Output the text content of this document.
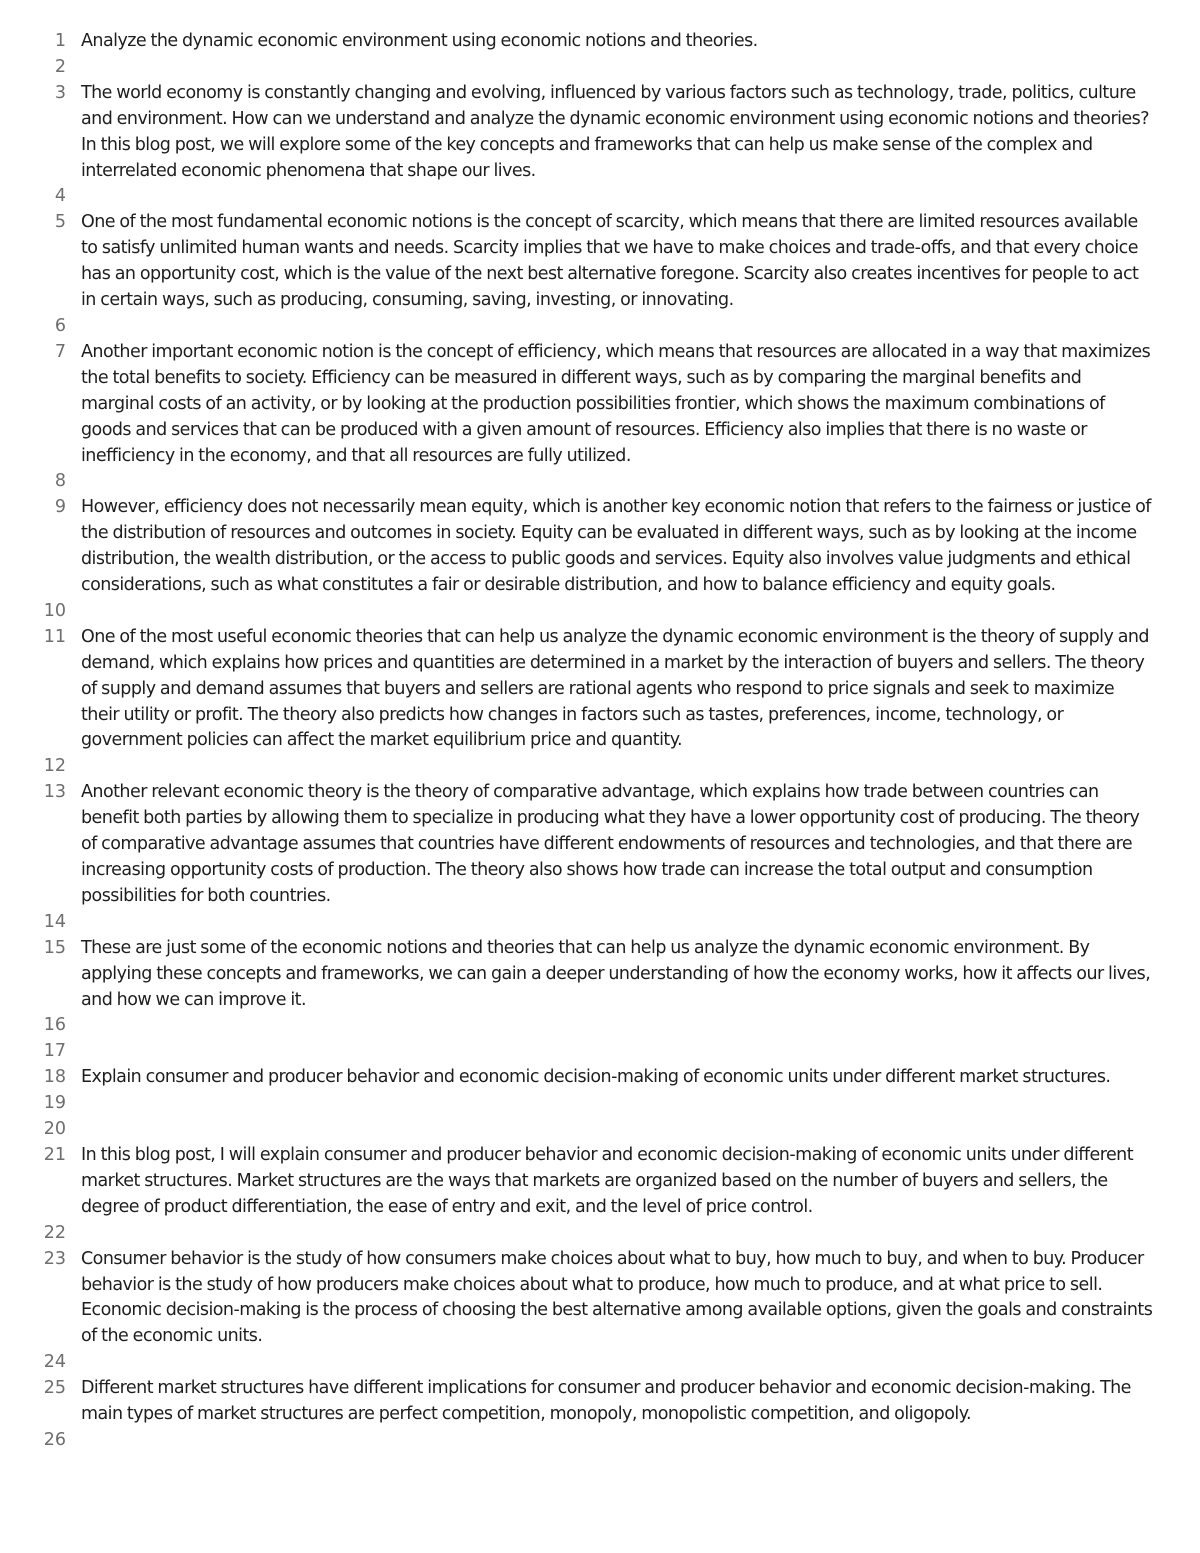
1 Analyze the dynamic economic environment using economic notions and theories.
2

3 The world economy is constantly changing and evolving, influenced by various factors such as technology, trade, politics, culture and environment. How can we understand and analyze the dynamic economic environment using economic notions and theories? In this blog post, we will explore some of the key concepts and frameworks that can help us make sense of the complex and interrelated economic phenomena that shape our lives.
4

5 One of the most fundamental economic notions is the concept of scarcity, which means that there are limited resources available to satisfy unlimited human wants and needs. Scarcity implies that we have to make choices and trade-offs, and that every choice has an opportunity cost, which is the value of the next best alternative foregone. Scarcity also creates incentives for people to act in certain ways, such as producing, consuming, saving, investing, or innovating.
6

7 Another important economic notion is the concept of efficiency, which means that resources are allocated in a way that maximizes the total benefits to society. Efficiency can be measured in different ways, such as by comparing the marginal benefits and marginal costs of an activity, or by looking at the production possibilities frontier, which shows the maximum combinations of goods and services that can be produced with a given amount of resources. Efficiency also implies that there is no waste or inefficiency in the economy, and that all resources are fully utilized.
8

9 However, efficiency does not necessarily mean equity, which is another key economic notion that refers to the fairness or justice of the distribution of resources and outcomes in society. Equity can be evaluated in different ways, such as by looking at the income distribution, the wealth distribution, or the access to public goods and services. Equity also involves value judgments and ethical considerations, such as what constitutes a fair or desirable distribution, and how to balance efficiency and equity goals.
10

11 One of the most useful economic theories that can help us analyze the dynamic economic environment is the theory of supply and demand, which explains how prices and quantities are determined in a market by the interaction of buyers and sellers. The theory of supply and demand assumes that buyers and sellers are rational agents who respond to price signals and seek to maximize their utility or profit. The theory also predicts how changes in factors such as tastes, preferences, income, technology, or government policies can affect the market equilibrium price and quantity.
12

13 Another relevant economic theory is the theory of comparative advantage, which explains how trade between countries can benefit both parties by allowing them to specialize in producing what they have a lower opportunity cost of producing. The theory of comparative advantage assumes that countries have different endowments of resources and technologies, and that there are increasing opportunity costs of production. The theory also shows how trade can increase the total output and consumption possibilities for both countries.
14

15 These are just some of the economic notions and theories that can help us analyze the dynamic economic environment. By applying these concepts and frameworks, we can gain a deeper understanding of how the economy works, how it affects our lives, and how we can improve it.
16

17

18 Explain consumer and producer behavior and economic decision-making of economic units under different market structures.
19

20

21 In this blog post, I will explain consumer and producer behavior and economic decision-making of economic units under different market structures. Market structures are the ways that markets are organized based on the number of buyers and sellers, the degree of product differentiation, the ease of entry and exit, and the level of price control.
22

23 Consumer behavior is the study of how consumers make choices about what to buy, how much to buy, and when to buy. Producer behavior is the study of how producers make choices about what to produce, how much to produce, and at what price to sell. Economic decision-making is the process of choosing the best alternative among available options, given the goals and constraints of the economic units.
24

25 Different market structures have different implications for consumer and producer behavior and economic decision-making. The main types of market structures are perfect competition, monopoly, monopolistic competition, and oligopoly.
26
